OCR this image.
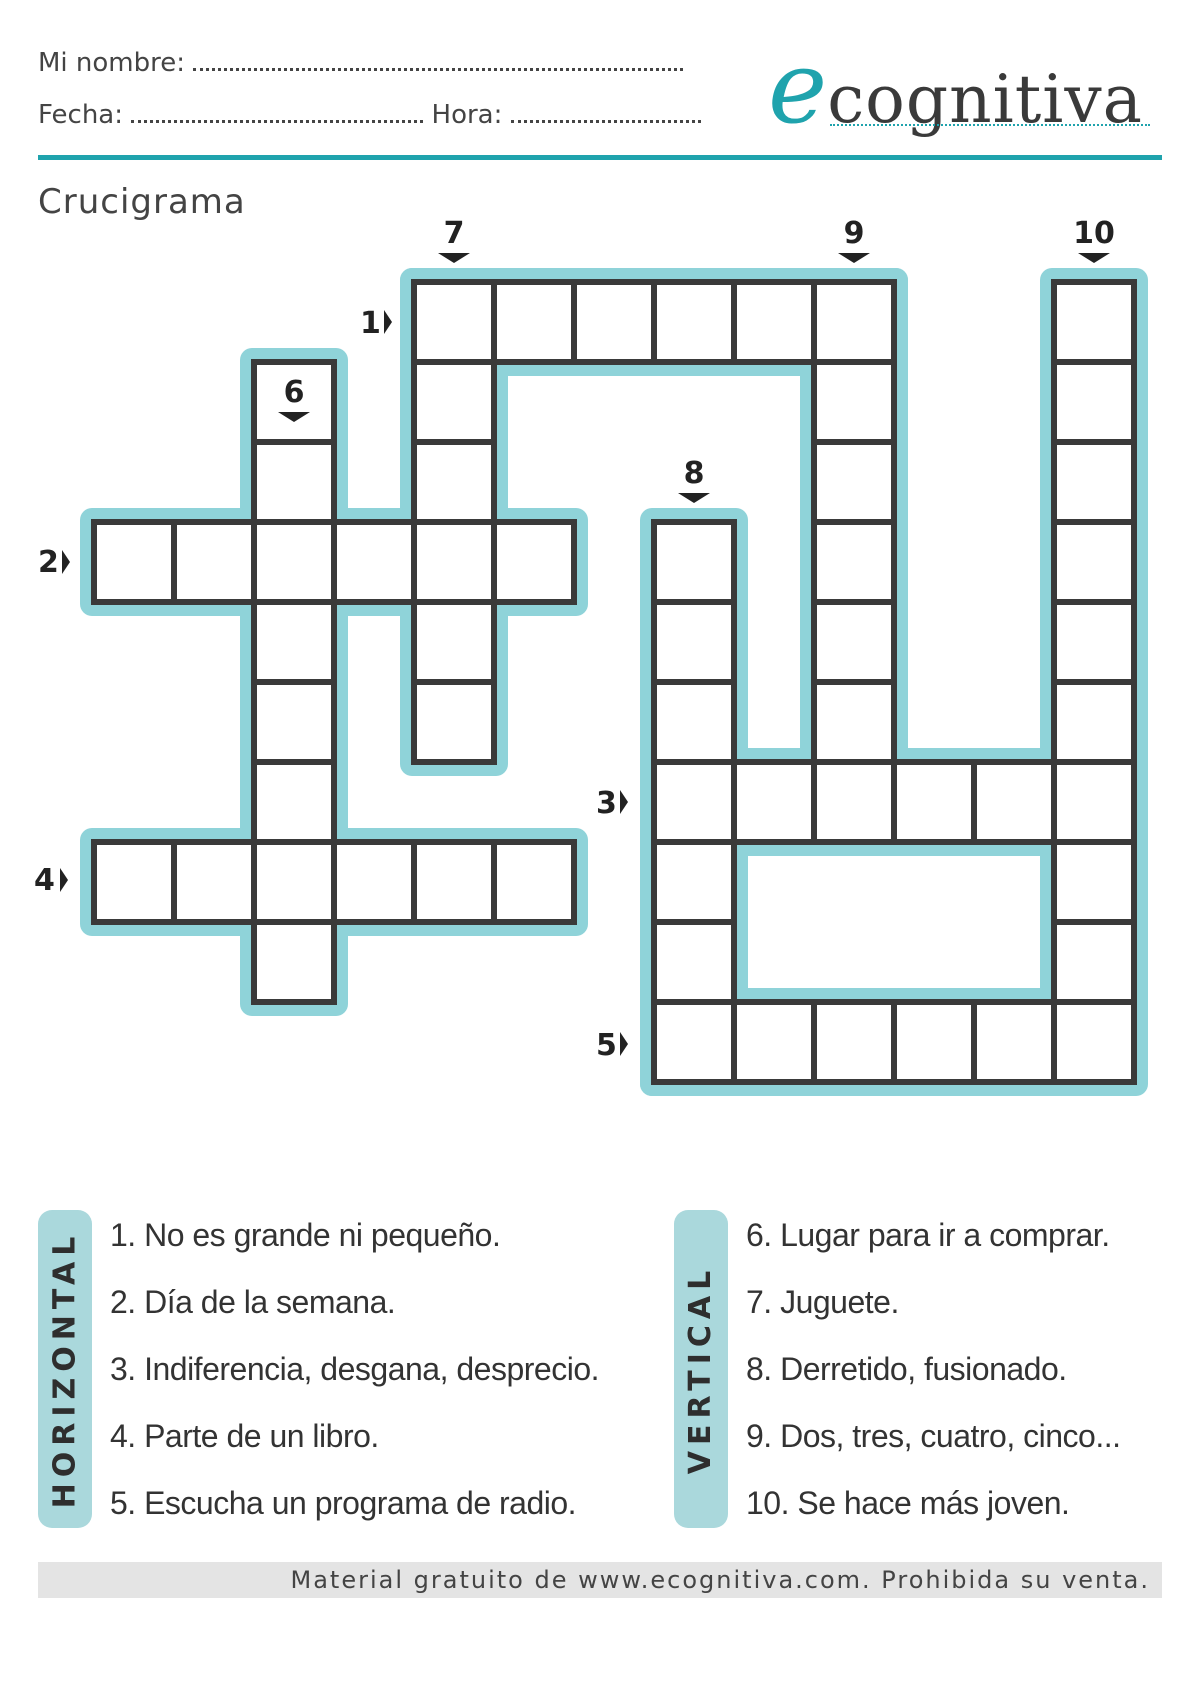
Mi nombre:
Fecha:	Hora:	ecognitiva
Crucigrama
1
2
3
4
5
6
7
8
9	10
HORIZONTAL 1. No es grande ni pequeño.
2. Día de la semana.
3. Indiferencia, desgana, desprecio.
4. Parte de un libro.
5. Escucha un programa de radio.
VERTICAL
6. Lugar para ir a comprar.
7. Juguete.
8. Derretido, fusionado.
9. Dos, tres, cuatro, cinco...
10. Se hace más joven.
Material gratuito de www.ecognitiva.com. Prohibida su venta.
